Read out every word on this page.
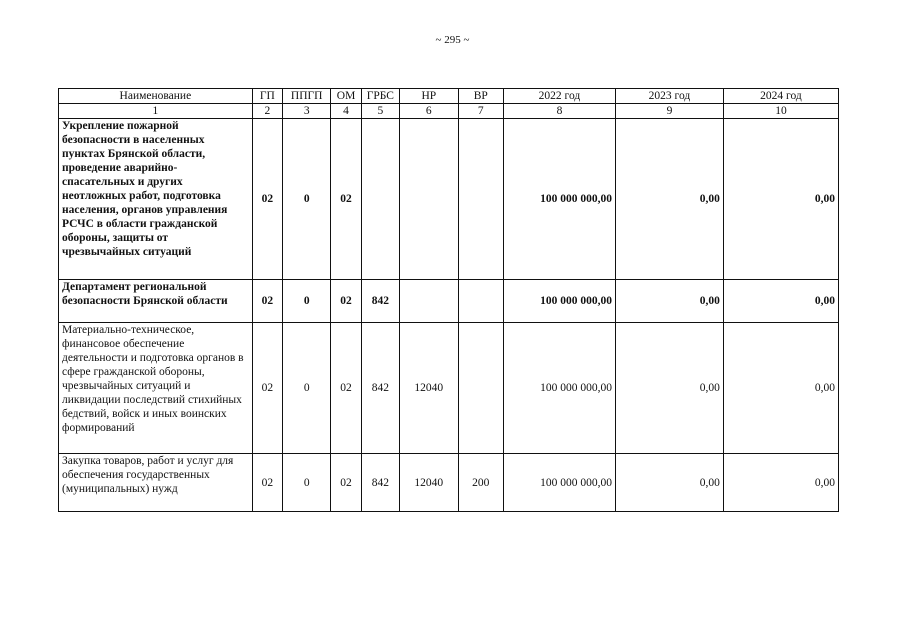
~ 295 ~
Наименование	ГП	ППГП	ОМ	ГРБС	НР	ВР	2022 год	2023 год	2024 год
1	2	3	4	5	6	7	8	9	10
Укрепление пожарной безопасности в населенных пунктах Брянской области, проведение аварийно-спасательных и других неотложных работ, подготовка населения, органов управления РСЧС в области гражданской обороны, защиты от чрезвычайных ситуаций	02	0	02				100 000 000,00	0,00	0,00
Департамент региональной безопасности Брянской области	02	0	02	842			100 000 000,00	0,00	0,00
Материально-техническое, финансовое обеспечение деятельности и подготовка органов в сфере гражданской обороны, чрезвычайных ситуаций и ликвидации последствий стихийных бедствий, войск и иных воинских формирований	02	0	02	842	12040		100 000 000,00	0,00	0,00
Закупка товаров, работ и услуг для обеспечения государственных (муниципальных) нужд	02	0	02	842	12040	200	100 000 000,00	0,00	0,00
